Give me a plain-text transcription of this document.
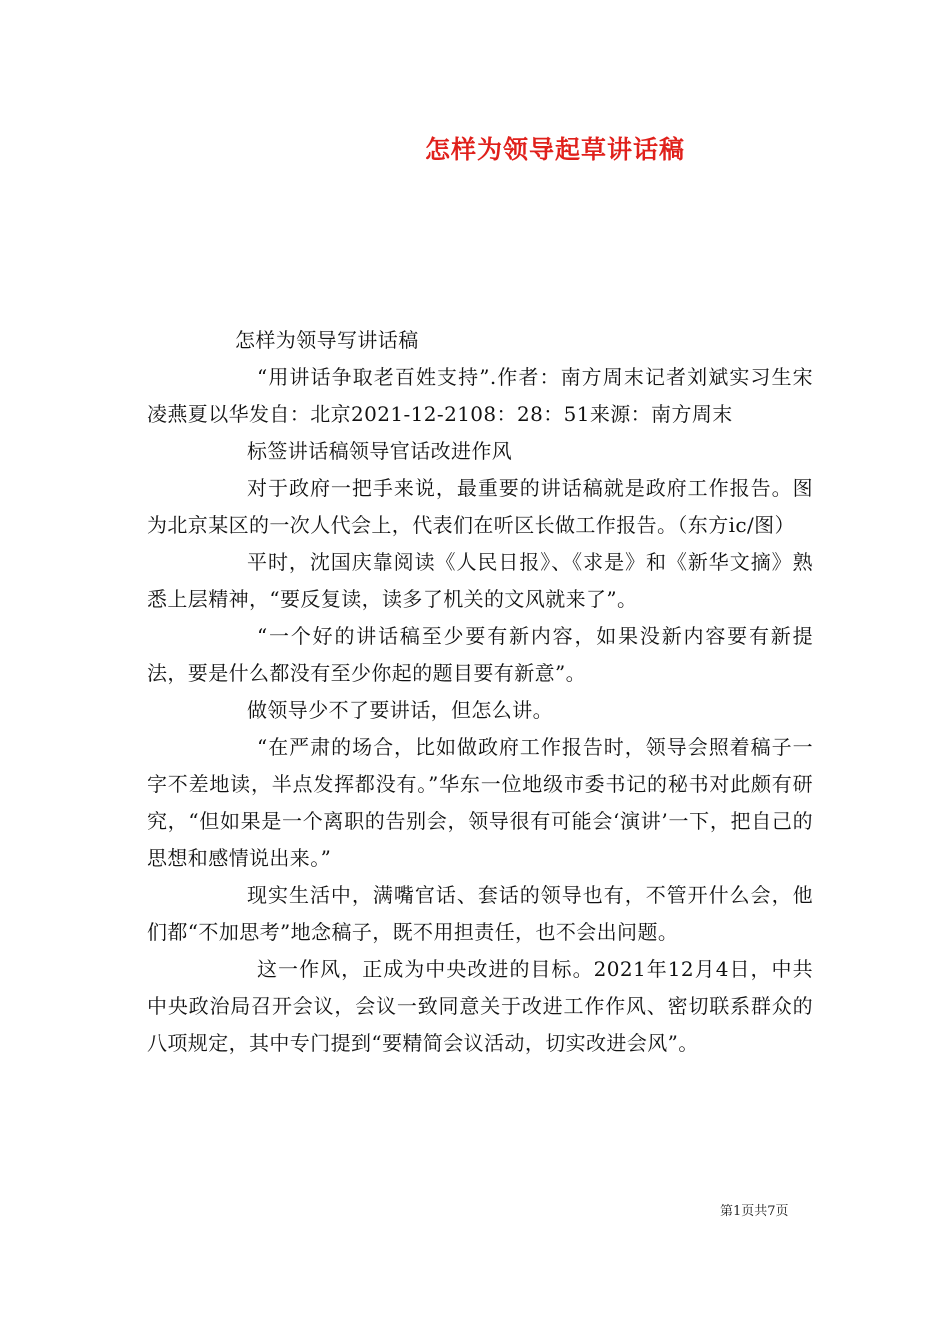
怎样为领导起草讲话稿

怎样为领导写讲话稿

“用讲话争取老百姓支持”.作者：南方周末记者刘斌实习生宋凌燕夏以华发自：北京2021-12-2108：28：51来源：南方周末

标签讲话稿领导官话改进作风

对于政府一把手来说，最重要的讲话稿就是政府工作报告。图为北京某区的一次人代会上，代表们在听区长做工作报告。（东方ic/图）

平时，沈国庆靠阅读《人民日报》、《求是》和《新华文摘》熟悉上层精神，“要反复读，读多了机关的文风就来了”。

“一个好的讲话稿至少要有新内容，如果没新内容要有新提法，要是什么都没有至少你起的题目要有新意”。

做领导少不了要讲话，但怎么讲。

“在严肃的场合，比如做政府工作报告时，领导会照着稿子一字不差地读，半点发挥都没有。”华东一位地级市委书记的秘书对此颇有研究，“但如果是一个离职的告别会，领导很有可能会‘演讲’一下，把自己的思想和感情说出来。”

现实生活中，满嘴官话、套话的领导也有，不管开什么会，他们都“不加思考”地念稿子，既不用担责任，也不会出问题。

这一作风，正成为中央改进的目标。2021年12月4日，中共中央政治局召开会议，会议一致同意关于改进工作作风、密切联系群众的八项规定，其中专门提到“要精简会议活动，切实改进会风”。

第1页共7页
